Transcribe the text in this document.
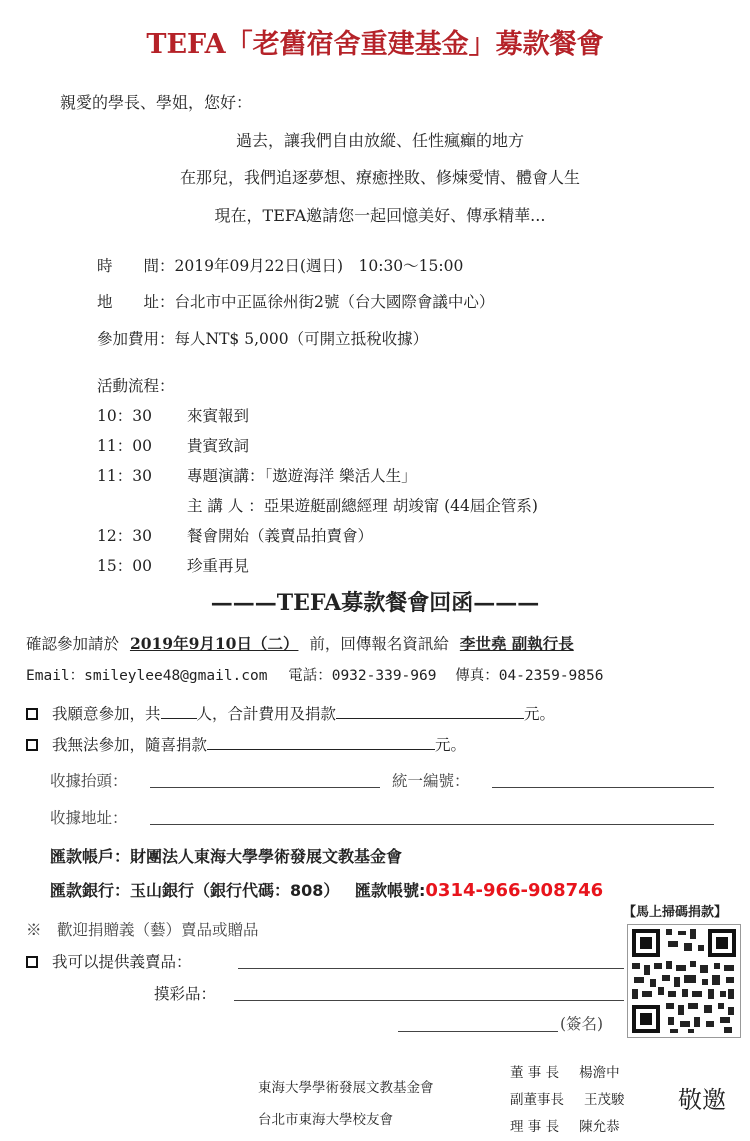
TEFA「老舊宿舍重建基金」募款餐會
親愛的學長、學姐，您好：
過去，讓我們自由放縱、任性瘋癲的地方
在那兒，我們追逐夢想、療癒挫敗、修煉愛情、體會人生
現在，TEFA邀請您一起回憶美好、傳承精華...
時　　間：2019年09月22日(週日)　10:30～15:00
地　　址：台北市中正區徐州街2號（台大國際會議中心）
參加費用：每人NT$ 5,000（可開立抵稅收據）
活動流程：
10：30 來賓報到
11：00 貴賓致詞
11：30 專題演講：「遨遊海洋 樂活人生」
主 講 人 ：亞果遊艇副總經理 胡竣甯 (44屆企管系)
12：30 餐會開始（義賣品拍賣會）
15：00 珍重再見
———TEFA募款餐會回函———
確認參加請於 2019年9月10日（二） 前，回傳報名資訊給 李世堯 副執行長
Email：smileylee48@gmail.com 電話：0932-339-969 傳真：04-2359-9856
我願意參加，共 人，合計費用及捐款	元。
我無法參加，隨喜捐款	元。
收據抬頭：	統一編號：
收據地址：
匯款帳戶：財團法人東海大學學術發展文教基金會
匯款銀行：玉山銀行（銀行代碼：808） 匯款帳號:0314-966-908746
【馬上掃碼捐款】
※　歡迎捐贈義（藝）賣品或贈品
我可以提供義賣品：
摸彩品：
(簽名)
東海大學學術發展文教基金會
台北市東海大學校友會
董 事 長 楊澹中
副董事長 王茂駿
理 事 長 陳允恭
敬邀
